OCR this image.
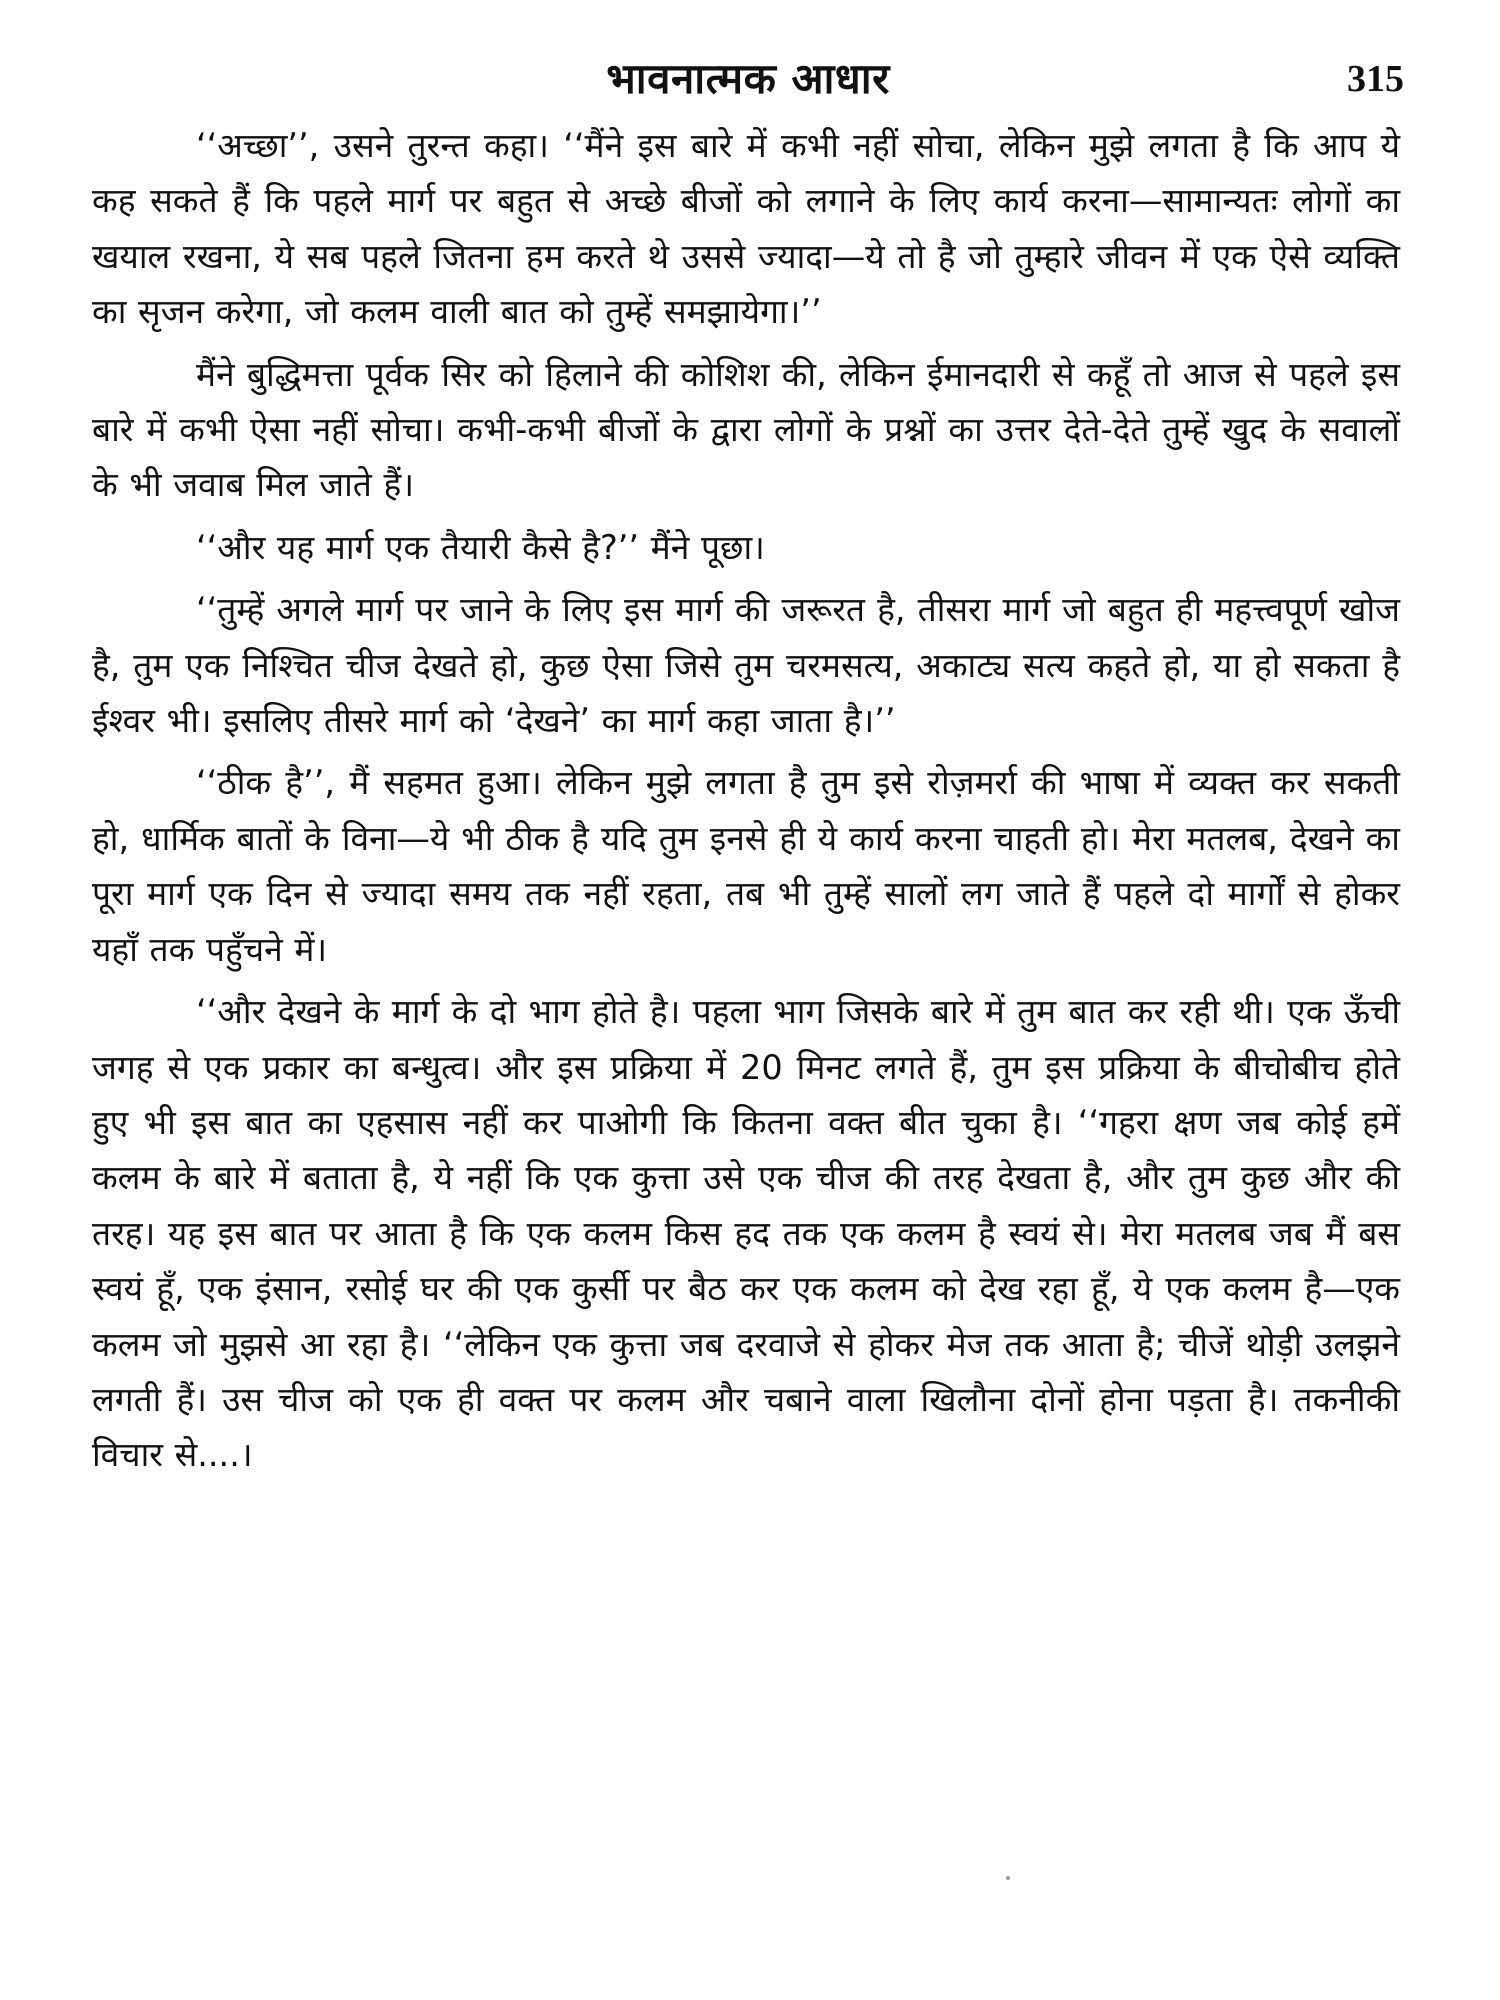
भावनात्मक आधार	315

‘‘अच्छा’’, उसने तुरन्त कहा। ‘‘मैंने इस बारे में कभी नहीं सोचा, लेकिन मुझे लगता है कि आप ये कह सकते हैं कि पहले मार्ग पर बहुत से अच्छे बीजों को लगाने के लिए कार्य करना—सामान्यतः लोगों का खयाल रखना, ये सब पहले जितना हम करते थे उससे ज्यादा—ये तो है जो तुम्हारे जीवन में एक ऐसे व्यक्ति का सृजन करेगा, जो कलम वाली बात को तुम्हें समझायेगा।’’

मैंने बुद्धिमत्ता पूर्वक सिर को हिलाने की कोशिश की, लेकिन ईमानदारी से कहूँ तो आज से पहले इस बारे में कभी ऐसा नहीं सोचा। कभी-कभी बीजों के द्वारा लोगों के प्रश्नों का उत्तर देते-देते तुम्हें खुद के सवालों के भी जवाब मिल जाते हैं।

‘‘और यह मार्ग एक तैयारी कैसे है?’’ मैंने पूछा।

‘‘तुम्हें अगले मार्ग पर जाने के लिए इस मार्ग की जरूरत है, तीसरा मार्ग जो बहुत ही महत्त्वपूर्ण खोज है, तुम एक निश्चित चीज देखते हो, कुछ ऐसा जिसे तुम चरमसत्य, अकाट्य सत्य कहते हो, या हो सकता है ईश्वर भी। इसलिए तीसरे मार्ग को ‘देखने’ का मार्ग कहा जाता है।’’

‘‘ठीक है’’, मैं सहमत हुआ। लेकिन मुझे लगता है तुम इसे रोज़मर्रा की भाषा में व्यक्त कर सकती हो, धार्मिक बातों के विना—ये भी ठीक है यदि तुम इनसे ही ये कार्य करना चाहती हो। मेरा मतलब, देखने का पूरा मार्ग एक दिन से ज्यादा समय तक नहीं रहता, तब भी तुम्हें सालों लग जाते हैं पहले दो मार्गों से होकर यहाँ तक पहुँचने में।

‘‘और देखने के मार्ग के दो भाग होते है। पहला भाग जिसके बारे में तुम बात कर रही थी। एक ऊँची जगह से एक प्रकार का बन्धुत्व। और इस प्रक्रिया में 20 मिनट लगते हैं, तुम इस प्रक्रिया के बीचोबीच होते हुए भी इस बात का एहसास नहीं कर पाओगी कि कितना वक्त बीत चुका है। ‘‘गहरा क्षण जब कोई हमें कलम के बारे में बताता है, ये नहीं कि एक कुत्ता उसे एक चीज की तरह देखता है, और तुम कुछ और की तरह। यह इस बात पर आता है कि एक कलम किस हद तक एक कलम है स्वयं से। मेरा मतलब जब मैं बस स्वयं हूँ, एक इंसान, रसोई घर की एक कुर्सी पर बैठ कर एक कलम को देख रहा हूँ, ये एक कलम है—एक कलम जो मुझसे आ रहा है। ‘‘लेकिन एक कुत्ता जब दरवाजे से होकर मेज तक आता है; चीजें थोड़ी उलझने लगती हैं। उस चीज को एक ही वक्त पर कलम और चबाने वाला खिलौना दोनों होना पड़ता है। तकनीकी विचार से....।
